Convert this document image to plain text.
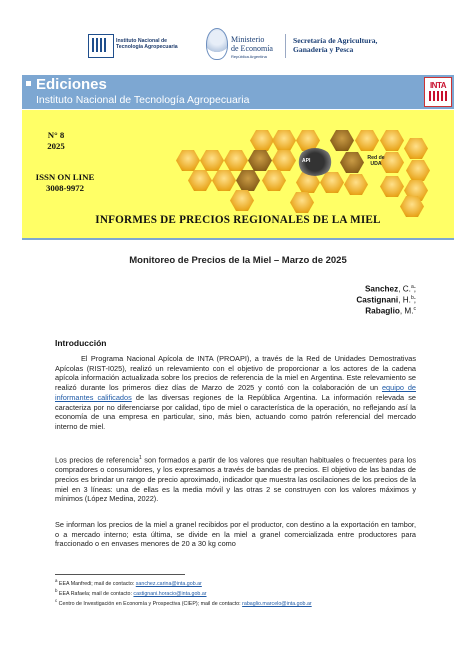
Instituto Nacional de
Tecnología Agropecuaria
Ministerio
de Economía
República Argentina
Secretaría de Agricultura,
Ganadería y Pesca
Ediciones
Instituto Nacional de Tecnología Agropecuaria
INTA
N° 8
2025
ISSN ON LINE
3008-9972
API	Red de
UDA
INFORMES DE PRECIOS REGIONALES DE LA MIEL
Monitoreo de Precios de la Miel – Marzo de 2025
Sanchez, C.$^a$;
Castignani, H.$^b$;
Rabaglio, M.$^c$
Introducción
El Programa Nacional Apícola de INTA (PROAPI), a través de la Red de Unidades Demostrativas Apícolas (RIST-I025), realizó un relevamiento con el objetivo de proporcionar a los actores de la cadena apícola información actualizada sobre los precios de referencia de la miel en Argentina. Este relevamiento se realizó durante los primeros diez días de Marzo de 2025 y contó con la colaboración de un equipo de informantes calificados de las diversas regiones de la República Argentina. La información relevada se caracteriza por no diferenciarse por calidad, tipo de miel o característica de la operación, no reflejando así la economía de una empresa en particular, sino, más bien, actuando como patrón referencial del mercado interno de miel.
Los precios de referencia$^1$ son formados a partir de los valores que resultan habituales o frecuentes para los compradores o consumidores, y los expresamos a través de bandas de precios. El objetivo de las bandas de precios es brindar un rango de precio aproximado, indicador que muestra las oscilaciones de los precios de la miel en 3 líneas: una de ellas es la media móvil y las otras 2 se construyen con los valores máximos y mínimos (López Medina, 2022).
Se informan los precios de la miel a granel recibidos por el productor, con destino a la exportación en tambor, o a mercado interno; esta última, se divide en la miel a granel comercializada entre productores para fraccionado o en envases menores de 20 a 30 kg como
$^a$ EEA Manfredi; mail de contacto: sanchez.carina@inta.gob.ar
$^b$ EEA Rafaela; mail de contacto: castignani.horacio@inta.gob.ar
$^c$ Centro de Investigación en Economía y Prospectiva (CIEP); mail de contacto: rabaglio.marcelo@inta.gob.ar
